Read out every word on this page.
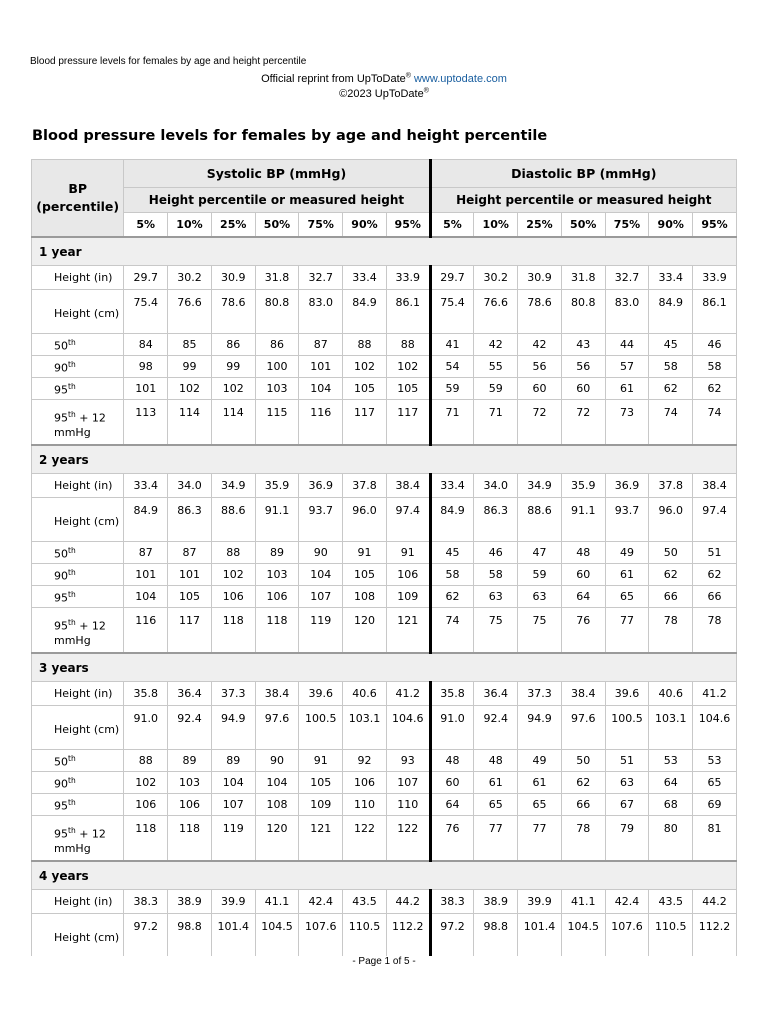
Blood pressure levels for females by age and height percentile
Official reprint from UpToDate® www.uptodate.com
©2023 UpToDate®
Blood pressure levels for females by age and height percentile
BP (percentile)	Systolic BP (mmHg)							Diastolic BP (mmHg)						
	Height percentile or measured height							Height percentile or measured height						
	5%	10%	25%	50%	75%	90%	95%	5%	10%	25%	50%	75%	90%	95%
1 year														
Height (in)	29.7	30.2	30.9	31.8	32.7	33.4	33.9	29.7	30.2	30.9	31.8	32.7	33.4	33.9
Height (cm)	75.4	76.6	78.6	80.8	83.0	84.9	86.1	75.4	76.6	78.6	80.8	83.0	84.9	86.1
50th	84	85	86	86	87	88	88	41	42	42	43	44	45	46
90th	98	99	99	100	101	102	102	54	55	56	56	57	58	58
95th	101	102	102	103	104	105	105	59	59	60	60	61	62	62
95th + 12 mmHg	113	114	114	115	116	117	117	71	71	72	72	73	74	74
2 years														
Height (in)	33.4	34.0	34.9	35.9	36.9	37.8	38.4	33.4	34.0	34.9	35.9	36.9	37.8	38.4
Height (cm)	84.9	86.3	88.6	91.1	93.7	96.0	97.4	84.9	86.3	88.6	91.1	93.7	96.0	97.4
50th	87	87	88	89	90	91	91	45	46	47	48	49	50	51
90th	101	101	102	103	104	105	106	58	58	59	60	61	62	62
95th	104	105	106	106	107	108	109	62	63	63	64	65	66	66
95th + 12 mmHg	116	117	118	118	119	120	121	74	75	75	76	77	78	78
3 years														
Height (in)	35.8	36.4	37.3	38.4	39.6	40.6	41.2	35.8	36.4	37.3	38.4	39.6	40.6	41.2
Height (cm)	91.0	92.4	94.9	97.6	100.5	103.1	104.6	91.0	92.4	94.9	97.6	100.5	103.1	104.6
50th	88	89	89	90	91	92	93	48	48	49	50	51	53	53
90th	102	103	104	104	105	106	107	60	61	61	62	63	64	65
95th	106	106	107	108	109	110	110	64	65	65	66	67	68	69
95th + 12 mmHg	118	118	119	120	121	122	122	76	77	77	78	79	80	81
4 years														
Height (in)	38.3	38.9	39.9	41.1	42.4	43.5	44.2	38.3	38.9	39.9	41.1	42.4	43.5	44.2
Height (cm)	97.2	98.8	101.4	104.5	107.6	110.5	112.2	97.2	98.8	101.4	104.5	107.6	110.5	112.2

- Page 1 of 5 -
